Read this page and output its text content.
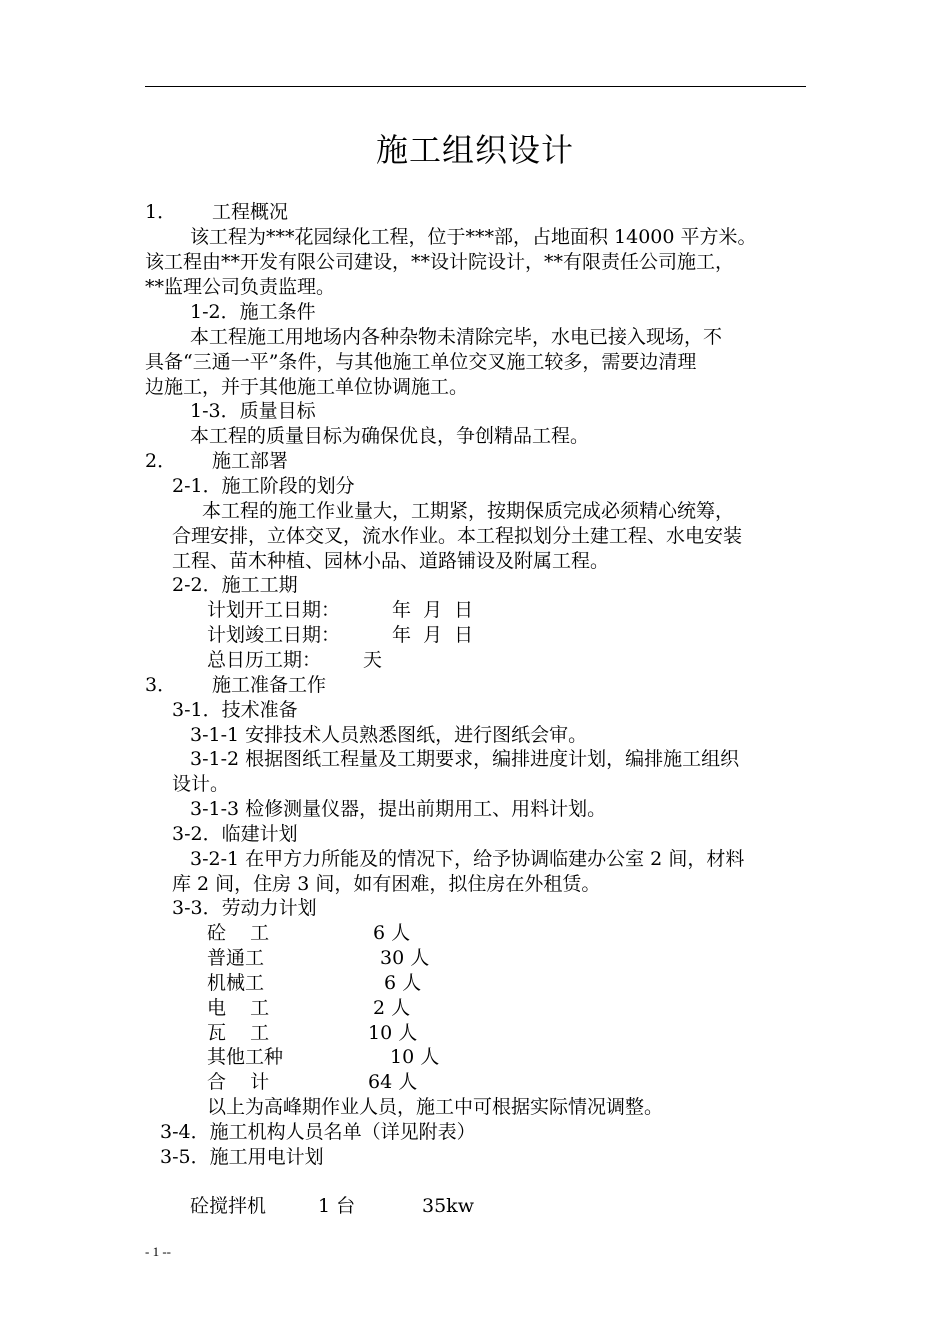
施工组织设计
1． 工程概况
该工程为***花园绿化工程，位于***部，占地面积 14000 平方米。
该工程由**开发有限公司建设，**设计院设计，**有限责任公司施工，
**监理公司负责监理。
1-2．施工条件
本工程施工用地场内各种杂物未清除完毕，水电已接入现场，不
具备“三通一平”条件，与其他施工单位交叉施工较多，需要边清理
边施工，并于其他施工单位协调施工。
1-3．质量目标
本工程的质量目标为确保优良，争创精品工程。
2． 施工部署
2-1．施工阶段的划分
本工程的施工作业量大，工期紧，按期保质完成必须精心统筹，
合理安排，立体交叉，流水作业。本工程拟划分土建工程、水电安装
工程、苗木种植、园林小品、道路铺设及附属工程。
2-2．施工工期
计划开工日期：	年  月  日
计划竣工日期：	年  月  日
总日历工期： 天
3． 施工准备工作
3-1．技术准备
3-1-1 安排技术人员熟悉图纸，进行图纸会审。
3-1-2 根据图纸工程量及工期要求，编排进度计划，编排施工组织
设计。
3-1-3 检修测量仪器，提出前期用工、用料计划。
3-2．临建计划
3-2-1 在甲方力所能及的情况下，给予协调临建办公室 2 间，材料
库 2 间，住房 3 间，如有困难，拟住房在外租赁。
3-3．劳动力计划
砼    工	6 人
普通工	30 人
机械工	6 人
电    工	2 人
瓦    工	10 人
其他工种	10 人
合    计	64 人
以上为高峰期作业人员，施工中可根据实际情况调整。
3-4．施工机构人员名单（详见附表）
3-5．施工用电计划
砼搅拌机	1 台	35kw
- 1 --
